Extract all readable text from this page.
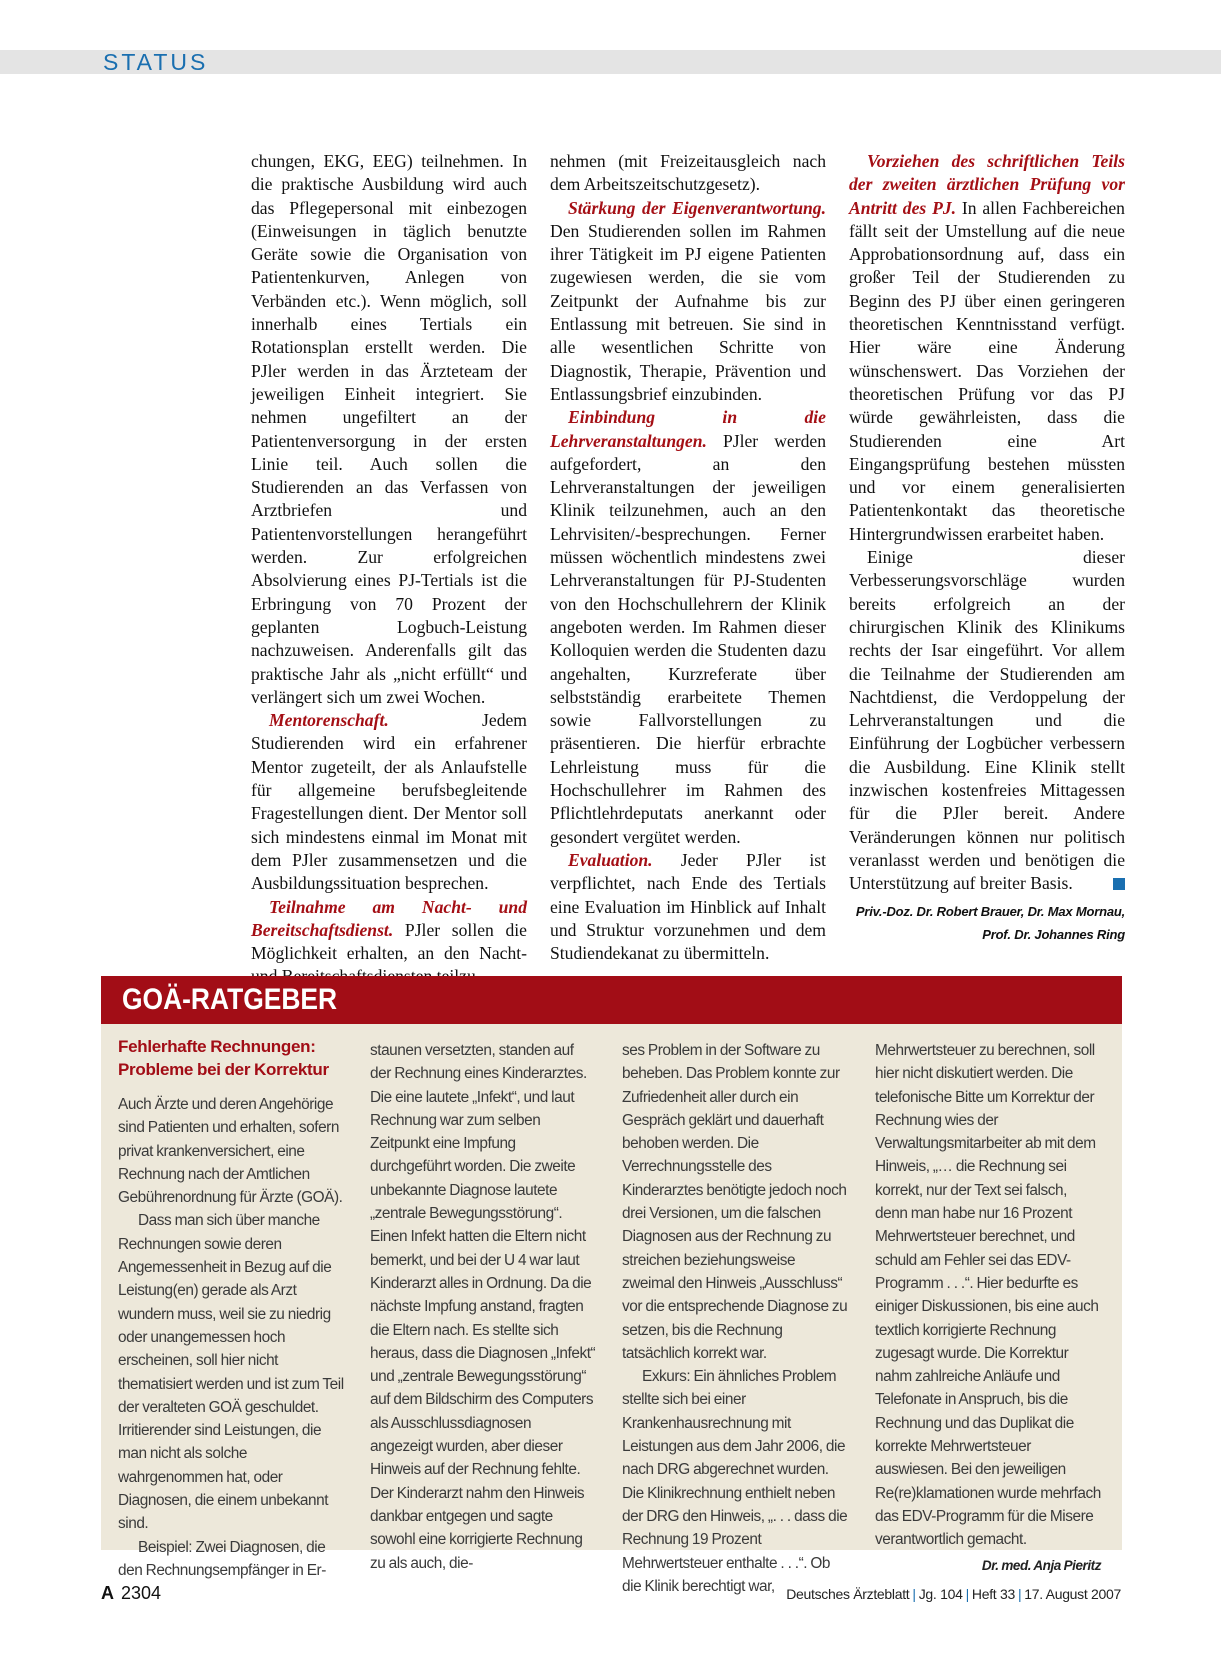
STATUS

chungen, EKG, EEG) teilnehmen. In die praktische Ausbildung wird auch das Pflegepersonal mit einbezogen (Einweisungen in täglich benutzte Geräte sowie die Organisation von Patientenkurven, Anlegen von Verbänden etc.). Wenn möglich, soll innerhalb eines Tertials ein Rotationsplan erstellt werden. Die PJler werden in das Ärzteteam der jeweiligen Einheit integriert. Sie nehmen ungefiltert an der Patientenversorgung in der ersten Linie teil. Auch sollen die Studierenden an das Verfassen von Arztbriefen und Patientenvorstellungen herangeführt werden. Zur erfolgreichen Absolvierung eines PJ-Tertials ist die Erbringung von 70 Prozent der geplanten Logbuch-Leistung nachzuweisen. Anderenfalls gilt das praktische Jahr als „nicht erfüllt“ und verlängert sich um zwei Wochen.

Mentorenschaft. Jedem Studierenden wird ein erfahrener Mentor zugeteilt, der als Anlaufstelle für allgemeine berufsbegleitende Fragestellungen dient. Der Mentor soll sich mindestens einmal im Monat mit dem PJler zusammensetzen und die Ausbildungssituation besprechen.

Teilnahme am Nacht- und Bereitschaftsdienst. PJler sollen die Möglichkeit erhalten, an den Nacht-

nehmen (mit Freizeitausgleich nach dem Arbeitszeitschutzgesetz).

Stärkung der Eigenverantwortung. Den Studierenden sollen im Rahmen ihrer Tätigkeit im PJ eigene Patienten zugewiesen werden, die sie vom Zeitpunkt der Aufnahme bis zur Entlassung mit betreuen. Sie sind in alle wesentlichen Schritte von Diagnostik, Therapie, Prävention und Entlassungsbrief einzubinden.

Einbindung in die Lehrveranstaltungen. PJler werden aufgefordert, an den Lehrveranstaltungen der jeweiligen Klinik teilzunehmen, auch an den Lehrvisiten/-besprechungen. Ferner müssen wöchentlich mindestens zwei Lehrveranstaltungen für PJ-Studenten von den Hochschullehrern der Klinik angeboten werden. Im Rahmen dieser Kolloquien werden die Studenten dazu angehalten, Kurzreferate über selbstständig erarbeitete Themen sowie Fallvorstellungen zu präsentieren. Die hierfür erbrachte Lehrleistung muss für die Hochschullehrer im Rahmen des Pflichtlehrdeputats anerkannt oder gesondert vergütet werden.

Evaluation. Jeder PJler ist verpflichtet, nach Ende des Tertials eine Evaluation im Hinblick auf Inhalt und Struktur vorzunehmen und dem Studiendekanat zu übermitteln.

Vorziehen des schriftlichen Teils der zweiten ärztlichen Prüfung vor Antritt des PJ. In allen Fachbereichen fällt seit der Umstellung auf die neue Approbationsordnung auf, dass ein großer Teil der Studierenden zu Beginn des PJ über einen geringeren theoretischen Kenntnisstand verfügt. Hier wäre eine Änderung wünschenswert. Das Vorziehen der theoretischen Prüfung vor das PJ würde gewährleisten, dass die Studierenden eine Art Eingangsprüfung bestehen müssten und vor einem generalisierten Patientenkontakt das theoretische Hintergrundwissen erarbeitet haben.

Einige dieser Verbesserungsvorschläge wurden bereits erfolgreich an der chirurgischen Klinik des Klinikums rechts der Isar eingeführt. Vor allem die Teilnahme der Studierenden am Nachtdienst, die Verdoppelung der Lehrveranstaltungen und die Einführung der Logbücher verbessern die Ausbildung. Eine Klinik stellt inzwischen kostenfreies Mittagessen für die PJler bereit. Andere Veränderungen können nur politisch veranlasst werden und benötigen die Unterstützung auf breiter Basis.

Priv.-Doz. Dr. Robert Brauer, Dr. Max Mornau,
Prof. Dr. Johannes Ring
GOÄ-RATGEBER

Fehlerhafte Rechnungen:
Probleme bei der Korrektur

Auch Ärzte und deren Angehörige sind Patienten und erhalten, sofern privat krankenversichert, eine Rechnung nach der Amtlichen Gebührenordnung für Ärzte (GOÄ).

Dass man sich über manche Rechnungen sowie deren Angemessenheit in Bezug auf die Leistung(en) gerade als Arzt wundern muss, weil sie zu niedrig oder unangemessen hoch erscheinen, soll hier nicht thematisiert werden und ist zum Teil der veralteten GOÄ geschuldet. Irritierender sind Leistungen, die man nicht als solche wahrgenommen hat, oder Diagnosen, die einem unbekannt sind.

Beispiel: Zwei Diagnosen, die den Rechnungsempfänger in Er-

staunen versetzten, standen auf der Rechnung eines Kinderarztes. Die eine lautete „Infekt“, und laut Rechnung war zum selben Zeitpunkt eine Impfung durchgeführt worden. Die zweite unbekannte Diagnose lautete „zentrale Bewegungsstörung“. Einen Infekt hatten die Eltern nicht bemerkt, und bei der U 4 war laut Kinderarzt alles in Ordnung. Da die nächste Impfung anstand, fragten die Eltern nach. Es stellte sich heraus, dass die Diagnosen „Infekt“ und „zentrale Bewegungsstörung“ auf dem Bildschirm des Computers als Ausschlussdiagnosen angezeigt wurden, aber dieser Hinweis auf der Rechnung fehlte. Der Kinderarzt nahm den Hinweis dankbar entgegen und sagte sowohl eine korrigierte Rechnung zu als auch, die-

ses Problem in der Software zu beheben. Das Problem konnte zur Zufriedenheit aller durch ein Gespräch geklärt und dauerhaft behoben werden. Die Verrechnungsstelle des Kinderarztes benötigte jedoch noch drei Versionen, um die falschen Diagnosen aus der Rechnung zu streichen beziehungsweise zweimal den Hinweis „Ausschluss“ vor die entsprechende Diagnose zu setzen, bis die Rechnung tatsächlich korrekt war.

Exkurs: Ein ähnliches Problem stellte sich bei einer Krankenhausrechnung mit Leistungen aus dem Jahr 2006, die nach DRG abgerechnet wurden. Die Klinikrechnung enthielt neben der DRG den Hinweis, „. . . dass die Rechnung 19 Prozent Mehrwertsteuer enthalte . . .“. Ob die Klinik berechtigt war,

Mehrwertsteuer zu berechnen, soll hier nicht diskutiert werden. Die telefonische Bitte um Korrektur der Rechnung wies der Verwaltungsmitarbeiter ab mit dem Hinweis, „… die Rechnung sei korrekt, nur der Text sei falsch, denn man habe nur 16 Prozent Mehrwertsteuer berechnet, und schuld am Fehler sei das EDV-Programm . . .“. Hier bedurfte es einiger Diskussionen, bis eine auch textlich korrigierte Rechnung zugesagt wurde. Die Korrektur nahm zahlreiche Anläufe und Telefonate in Anspruch, bis die Rechnung und das Duplikat die korrekte Mehrwertsteuer auswiesen. Bei den jeweiligen Re(re)klamationen wurde mehrfach das EDV-Programm für die Misere verantwortlich gemacht.

Dr. med. Anja Pieritz

A 2304	Deutsches Ärzteblatt | Jg. 104 | Heft 33 | 17. August 2007
